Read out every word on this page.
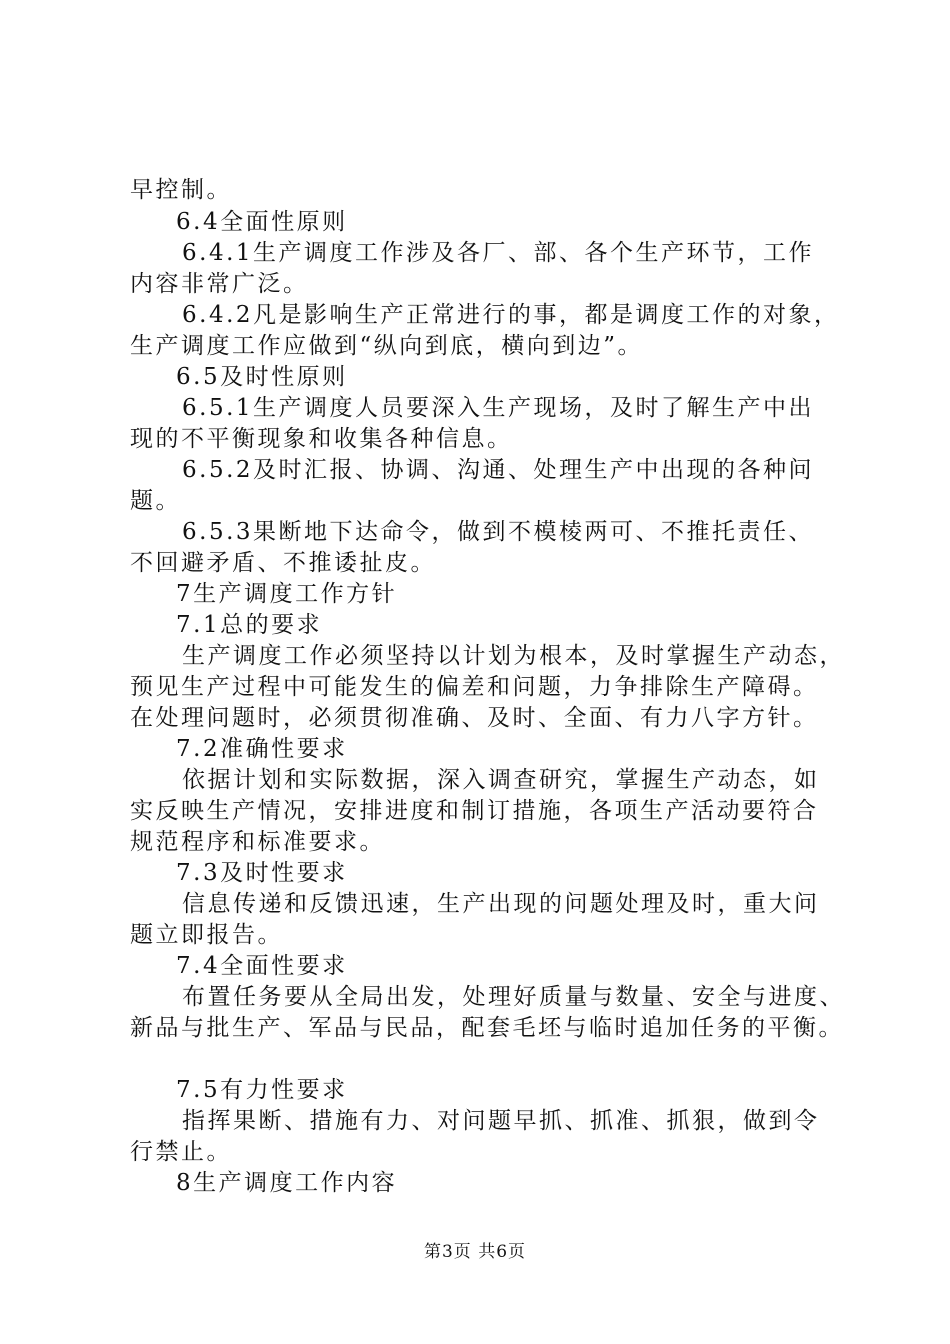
早控制。
6.4全面性原则
6.4.1生产调度工作涉及各厂、部、各个生产环节，工作
内容非常广泛。
6.4.2凡是影响生产正常进行的事，都是调度工作的对象，
生产调度工作应做到“纵向到底，横向到边”。
6.5及时性原则
6.5.1生产调度人员要深入生产现场，及时了解生产中出
现的不平衡现象和收集各种信息。
6.5.2及时汇报、协调、沟通、处理生产中出现的各种问
题。
6.5.3果断地下达命令，做到不模棱两可、不推托责任、
不回避矛盾、不推诿扯皮。
7生产调度工作方针
7.1总的要求
生产调度工作必须坚持以计划为根本，及时掌握生产动态，
预见生产过程中可能发生的偏差和问题，力争排除生产障碍。
在处理问题时，必须贯彻准确、及时、全面、有力八字方针。
7.2准确性要求
依据计划和实际数据，深入调查研究，掌握生产动态，如
实反映生产情况，安排进度和制订措施，各项生产活动要符合
规范程序和标准要求。
7.3及时性要求
信息传递和反馈迅速，生产出现的问题处理及时，重大问
题立即报告。
7.4全面性要求
布置任务要从全局出发，处理好质量与数量、安全与进度、
新品与批生产、军品与民品，配套毛坯与临时追加任务的平衡。
7.5有力性要求
指挥果断、措施有力、对问题早抓、抓准、抓狠，做到令
行禁止。
8生产调度工作内容
第3页 共6页
